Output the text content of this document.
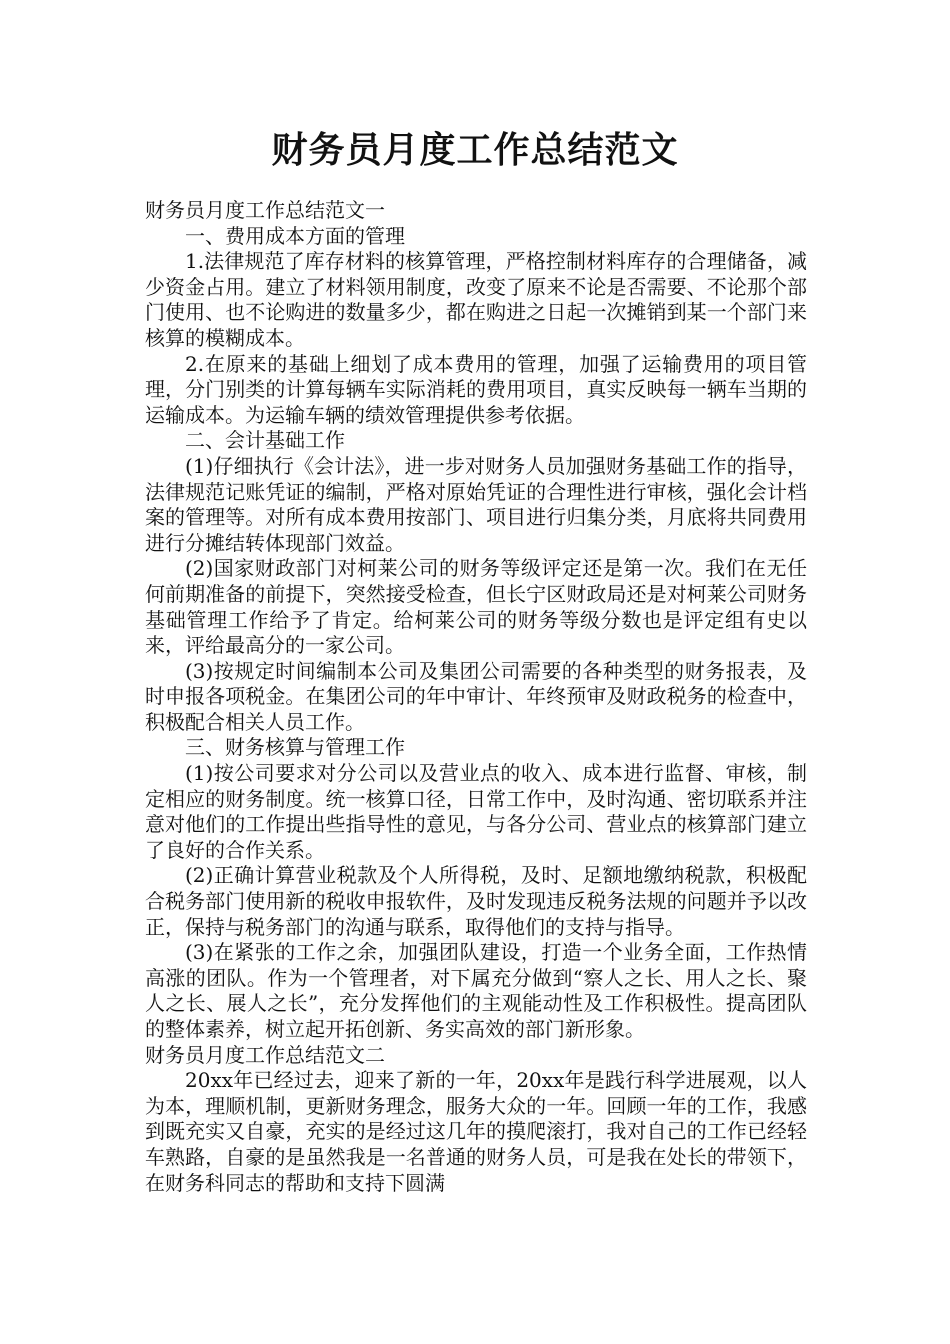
财务员月度工作总结范文

财务员月度工作总结范文一

一、费用成本方面的管理

1.法律规范了库存材料的核算管理，严格控制材料库存的合理储备，减少资金占用。建立了材料领用制度，改变了原来不论是否需要、不论那个部门使用、也不论购进的数量多少，都在购进之日起一次摊销到某一个部门来核算的模糊成本。

2.在原来的基础上细划了成本费用的管理，加强了运输费用的项目管理，分门别类的计算每辆车实际消耗的费用项目，真实反映每一辆车当期的运输成本。为运输车辆的绩效管理提供参考依据。

二、会计基础工作

(1)仔细执行《会计法》，进一步对财务人员加强财务基础工作的指导，法律规范记账凭证的编制，严格对原始凭证的合理性进行审核，强化会计档案的管理等。对所有成本费用按部门、项目进行归集分类，月底将共同费用进行分摊结转体现部门效益。

(2)国家财政部门对柯莱公司的财务等级评定还是第一次。我们在无任何前期准备的前提下，突然接受检查，但长宁区财政局还是对柯莱公司财务基础管理工作给予了肯定。给柯莱公司的财务等级分数也是评定组有史以来，评给最高分的一家公司。

(3)按规定时间编制本公司及集团公司需要的各种类型的财务报表，及时申报各项税金。在集团公司的年中审计、年终预审及财政税务的检查中，积极配合相关人员工作。

三、财务核算与管理工作

(1)按公司要求对分公司以及营业点的收入、成本进行监督、审核，制定相应的财务制度。统一核算口径，日常工作中，及时沟通、密切联系并注意对他们的工作提出些指导性的意见，与各分公司、营业点的核算部门建立了良好的合作关系。

(2)正确计算营业税款及个人所得税，及时、足额地缴纳税款，积极配合税务部门使用新的税收申报软件，及时发现违反税务法规的问题并予以改正，保持与税务部门的沟通与联系，取得他们的支持与指导。

(3)在紧张的工作之余，加强团队建设，打造一个业务全面，工作热情高涨的团队。作为一个管理者，对下属充分做到“察人之长、用人之长、聚人之长、展人之长”，充分发挥他们的主观能动性及工作积极性。提高团队的整体素养，树立起开拓创新、务实高效的部门新形象。

财务员月度工作总结范文二

20xx年已经过去，迎来了新的一年，20xx年是践行科学进展观，以人为本，理顺机制，更新财务理念，服务大众的一年。回顾一年的工作，我感到既充实又自豪，充实的是经过这几年的摸爬滚打，我对自己的工作已经轻车熟路，自豪的是虽然我是一名普通的财务人员，可是我在处长的带领下，在财务科同志的帮助和支持下圆满
